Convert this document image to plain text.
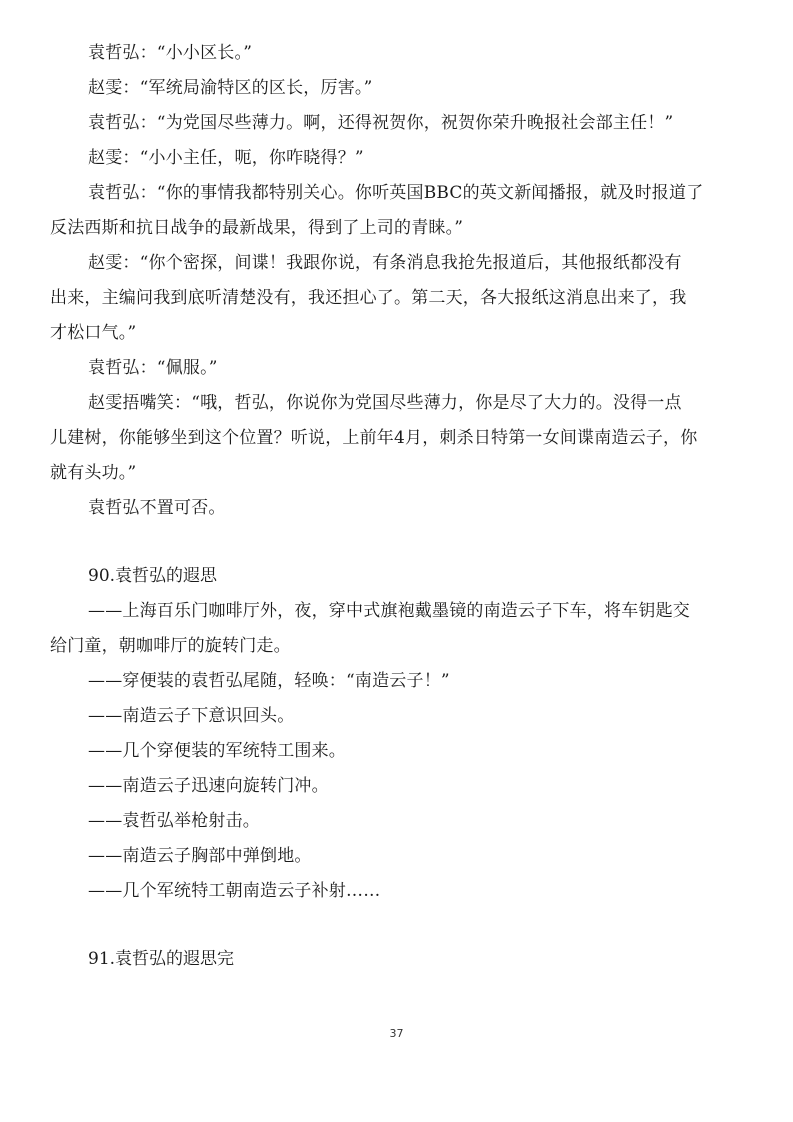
袁哲弘：“小小区长。”

赵雯：“军统局渝特区的区长，厉害。”

袁哲弘：“为党国尽些薄力。啊，还得祝贺你，祝贺你荣升晚报社会部主任！”

赵雯：“小小主任，呃，你咋晓得？”

袁哲弘：“你的事情我都特别关心。你听英国BBC的英文新闻播报，就及时报道了

反法西斯和抗日战争的最新战果，得到了上司的青睐。”

赵雯：“你个密探，间谍！我跟你说，有条消息我抢先报道后，其他报纸都没有

出来，主编问我到底听清楚没有，我还担心了。第二天，各大报纸这消息出来了，我

才松口气。”

袁哲弘：“佩服。”

赵雯捂嘴笑：“哦，哲弘，你说你为党国尽些薄力，你是尽了大力的。没得一点

儿建树，你能够坐到这个位置？听说，上前年4月，刺杀日特第一女间谍南造云子，你

就有头功。”

袁哲弘不置可否。

90.袁哲弘的遐思

——上海百乐门咖啡厅外，夜，穿中式旗袍戴墨镜的南造云子下车，将车钥匙交

给门童，朝咖啡厅的旋转门走。

——穿便装的袁哲弘尾随，轻唤：“南造云子！”

——南造云子下意识回头。

——几个穿便装的军统特工围来。

——南造云子迅速向旋转门冲。

——袁哲弘举枪射击。

——南造云子胸部中弹倒地。

——几个军统特工朝南造云子补射……

91.袁哲弘的遐思完

37
